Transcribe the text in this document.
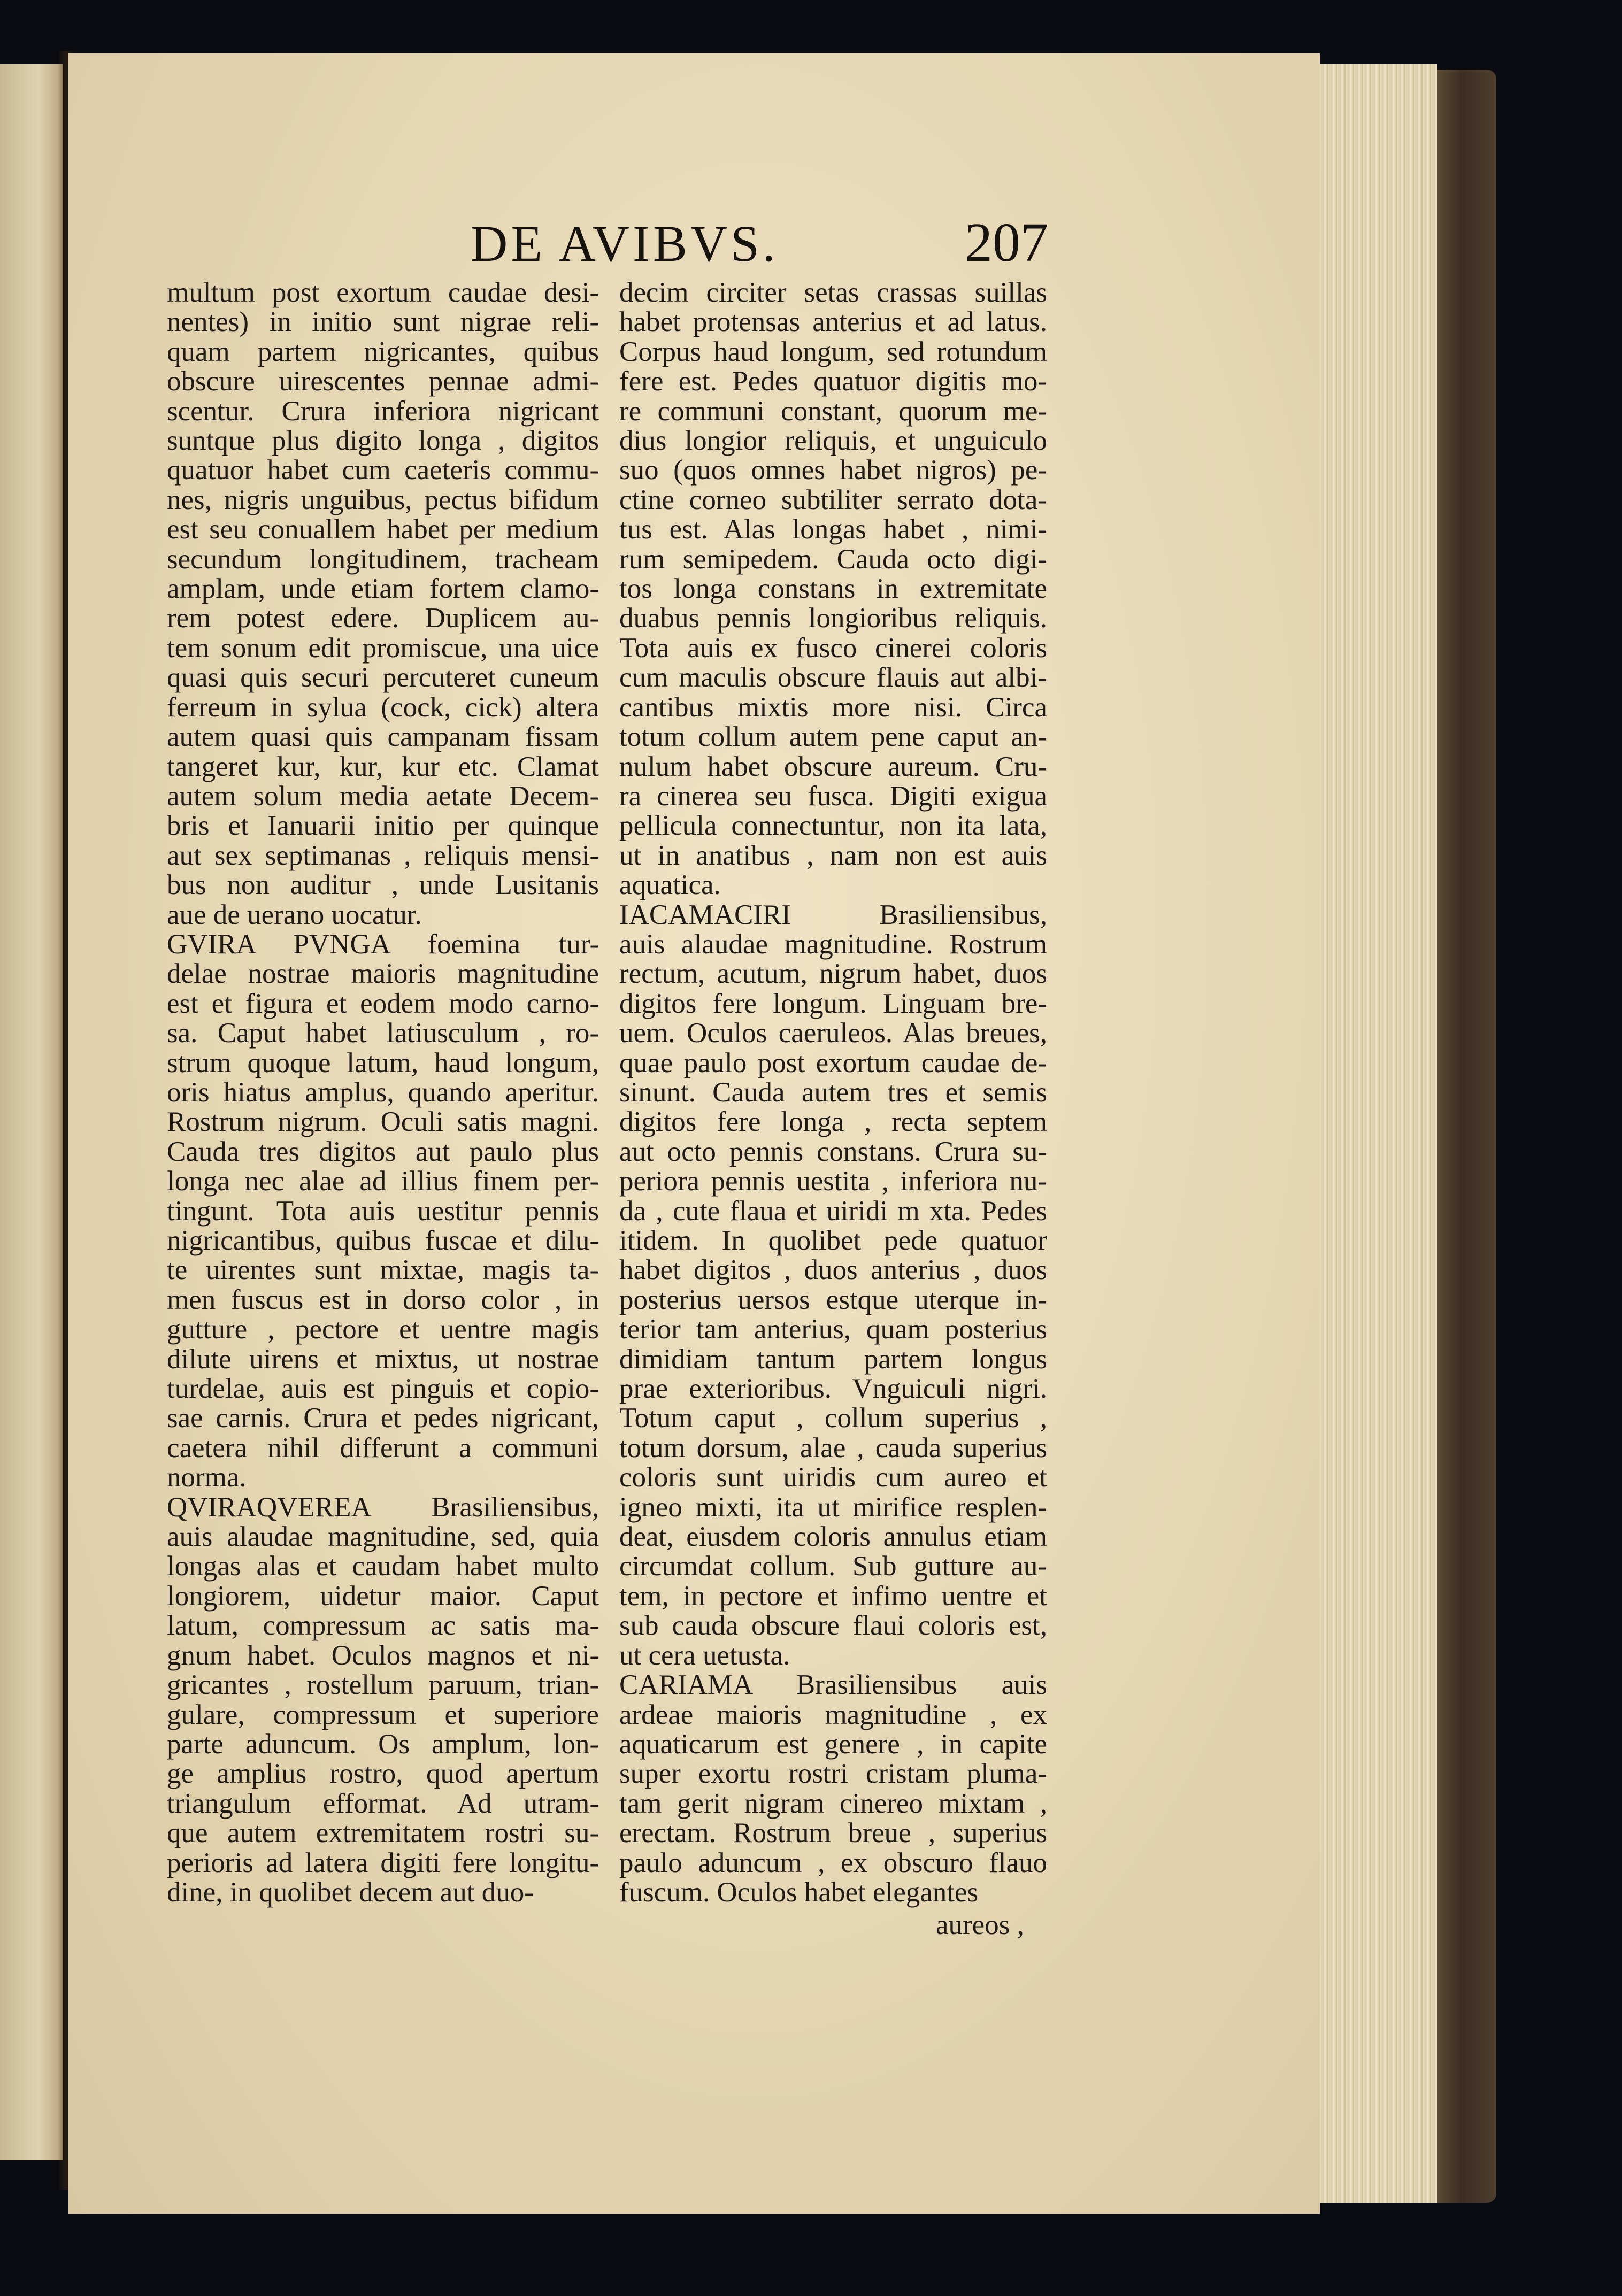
DE AVIBVS.	207
multum post exortum caudae desi-
nentes) in initio sunt nigrae reli-
quam partem nigricantes, quibus
obscure uirescentes pennae admi-
scentur. Crura inferiora nigricant
suntque plus digito longa , digitos
quatuor habet cum caeteris commu-
nes, nigris unguibus, pectus bifidum
est seu conuallem habet per medium
secundum longitudinem, tracheam
amplam, unde etiam fortem clamo-
rem potest edere. Duplicem au-
tem sonum edit promiscue, una uice
quasi quis securi percuteret cuneum
ferreum in sylua (cock, cick) altera
autem quasi quis campanam fissam
tangeret kur, kur, kur etc. Clamat
autem solum media aetate Decem-
bris et Ianuarii initio per quinque
aut sex septimanas , reliquis mensi-
bus non auditur , unde Lusitanis
aue de uerano uocatur.
GVIRA PVNGA foemina tur-
delae nostrae maioris magnitudine
est et figura et eodem modo carno-
sa. Caput habet latiusculum , ro-
strum quoque latum, haud longum,
oris hiatus amplus, quando aperitur.
Rostrum nigrum. Oculi satis magni.
Cauda tres digitos aut paulo plus
longa nec alae ad illius finem per-
tingunt. Tota auis uestitur pennis
nigricantibus, quibus fuscae et dilu-
te uirentes sunt mixtae, magis ta-
men fuscus est in dorso color , in
gutture , pectore et uentre magis
dilute uirens et mixtus, ut nostrae
turdelae, auis est pinguis et copio-
sae carnis. Crura et pedes nigricant,
caetera nihil differunt a communi
norma.
QVIRAQVEREA Brasiliensibus,
auis alaudae magnitudine, sed, quia
longas alas et caudam habet multo
longiorem, uidetur maior. Caput
latum, compressum ac satis ma-
gnum habet. Oculos magnos et ni-
gricantes , rostellum paruum, trian-
gulare, compressum et superiore
parte aduncum. Os amplum, lon-
ge amplius rostro, quod apertum
triangulum efformat. Ad utram-
que autem extremitatem rostri su-
perioris ad latera digiti fere longitu-
dine, in quolibet decem aut duo-
decim circiter setas crassas suillas
habet protensas anterius et ad latus.
Corpus haud longum, sed rotundum
fere est. Pedes quatuor digitis mo-
re communi constant, quorum me-
dius longior reliquis, et unguiculo
suo (quos omnes habet nigros) pe-
ctine corneo subtiliter serrato dota-
tus est. Alas longas habet , nimi-
rum semipedem. Cauda octo digi-
tos longa constans in extremitate
duabus pennis longioribus reliquis.
Tota auis ex fusco cinerei coloris
cum maculis obscure flauis aut albi-
cantibus mixtis more nisi. Circa
totum collum autem pene caput an-
nulum habet obscure aureum. Cru-
ra cinerea seu fusca. Digiti exigua
pellicula connectuntur, non ita lata,
ut in anatibus , nam non est auis
aquatica.
IACAMACIRI Brasiliensibus,
auis alaudae magnitudine. Rostrum
rectum, acutum, nigrum habet, duos
digitos fere longum. Linguam bre-
uem. Oculos caeruleos. Alas breues,
quae paulo post exortum caudae de-
sinunt. Cauda autem tres et semis
digitos fere longa , recta septem
aut octo pennis constans. Crura su-
periora pennis uestita , inferiora nu-
da , cute flaua et uiridi m xta. Pedes
itidem. In quolibet pede quatuor
habet digitos , duos anterius , duos
posterius uersos estque uterque in-
terior tam anterius, quam posterius
dimidiam tantum partem longus
prae exterioribus. Vnguiculi nigri.
Totum caput , collum superius ,
totum dorsum, alae , cauda superius
coloris sunt uiridis cum aureo et
igneo mixti, ita ut mirifice resplen-
deat, eiusdem coloris annulus etiam
circumdat collum. Sub gutture au-
tem, in pectore et infimo uentre et
sub cauda obscure flaui coloris est,
ut cera uetusta.
CARIAMA Brasiliensibus auis
ardeae maioris magnitudine , ex
aquaticarum est genere , in capite
super exortu rostri cristam pluma-
tam gerit nigram cinereo mixtam ,
erectam. Rostrum breue , superius
paulo aduncum , ex obscuro flauo
fuscum. Oculos habet elegantes
aureos ,
